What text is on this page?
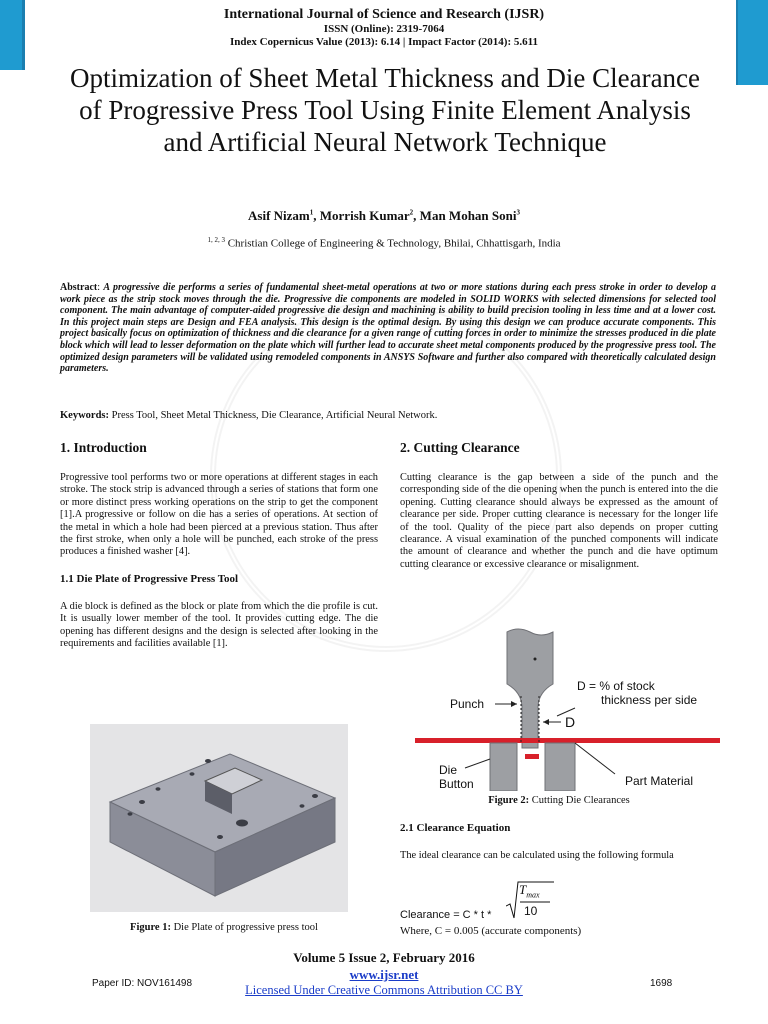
International Journal of Science and Research (IJSR)
ISSN (Online): 2319-7064
Index Copernicus Value (2013): 6.14 | Impact Factor (2014): 5.611
Optimization of Sheet Metal Thickness and Die Clearance of Progressive Press Tool Using Finite Element Analysis and Artificial Neural Network Technique
Asif Nizam$^1$, Morrish Kumar$^2$, Man Mohan Soni$^3$
$^{1, 2, 3}$ Christian College of Engineering & Technology, Bhilai, Chhattisgarh, India
Abstract: A progressive die performs a series of fundamental sheet-metal operations at two or more stations during each press stroke in order to develop a work piece as the strip stock moves through the die. Progressive die components are modeled in SOLID WORKS with selected dimensions for selected tool component. The main advantage of computer-aided progressive die design and machining is ability to build precision tooling in less time and at a lower cost. In this project main steps are Design and FEA analysis. This design is the optimal design. By using this design we can produce accurate components. This project basically focus on optimization of thickness and die clearance for a given range of cutting forces in order to minimize the stresses produced in die plate block which will lead to lesser deformation on the plate which will further lead to accurate sheet metal components produced by the progressive press tool. The optimized design parameters will be validated using remodeled components in ANSYS Software and further also compared with theoretically calculated design parameters.
Keywords: Press Tool, Sheet Metal Thickness, Die Clearance, Artificial Neural Network.
1. Introduction

Progressive tool performs two or more operations at different stages in each stroke. The stock strip is advanced through a series of stations that form one or more distinct press working operations on the strip to get the component [1].A progressive or follow on die has a series of operations. At section of the metal in which a hole had been pierced at a previous station. Thus after the first stroke, when only a hole will be punched, each stroke of the press produces a finished washer [4].

1.1 Die Plate of Progressive Press Tool

A die block is defined as the block or plate from which the die profile is cut. It is usually lower member of the tool. It provides cutting edge. The die opening has different designs and the design is selected after looking in the requirements and facilities available [1].

Figure 1: Die Plate of progressive press tool
2. Cutting Clearance

Cutting clearance is the gap between a side of the punch and the corresponding side of the die opening when the punch is entered into the die opening. Cutting clearance should always be expressed as the amount of clearance per side. Proper cutting clearance is necessary for the longer life of the tool. Quality of the piece part also depends on proper cutting clearance. A visual examination of the punched components will indicate the amount of clearance and whether the punch and die have optimum cutting clearance or excessive clearance or misalignment.

Punch
D = % of stock
thickness per side
D
Die
Button	Part Material
Figure 2: Cutting Die Clearances
2.1 Clearance Equation

The ideal clearance can be calculated using the following formula

Clearance = C * t *
$T_{max}$
10
Where, C = 0.005 (accurate components)
Volume 5 Issue 2, February 2016
www.ijsr.net
Licensed Under Creative Commons Attribution CC BY
Paper ID: NOV161498	1698
